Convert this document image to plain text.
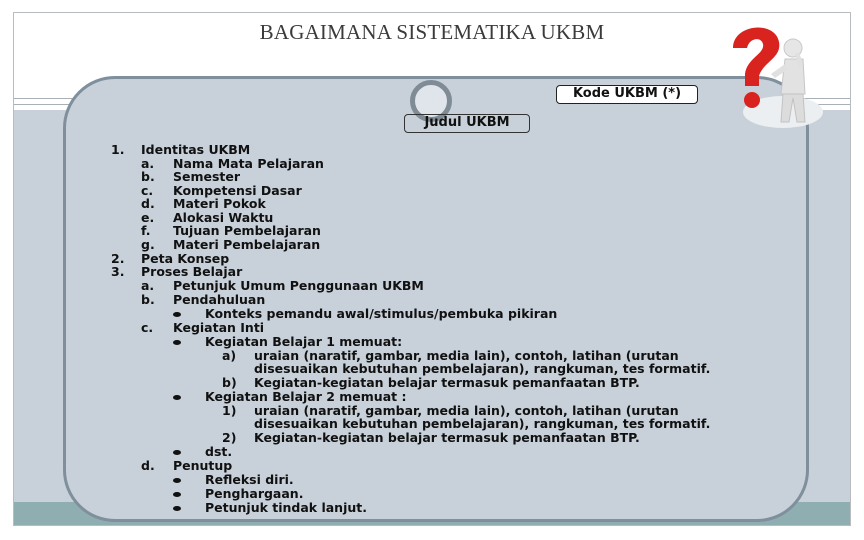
BAGAIMANA SISTEMATIKA UKBM
Kode UKBM (*)
Judul UKBM
1. Identitas UKBM
a. Nama Mata Pelajaran
b. Semester
c. Kompetensi Dasar
d. Materi Pokok
e. Alokasi Waktu
f. Tujuan Pembelajaran
g. Materi Pembelajaran
2. Peta Konsep
3. Proses Belajar
a. Petunjuk Umum Penggunaan UKBM
b. Pendahuluan
Konteks pemandu awal/stimulus/pembuka pikiran
c. Kegiatan Inti
Kegiatan Belajar 1 memuat:
a) uraian (naratif, gambar, media lain), contoh, latihan (urutan
disesuaikan kebutuhan pembelajaran), rangkuman, tes formatif.
b) Kegiatan-kegiatan belajar termasuk pemanfaatan BTP.
Kegiatan Belajar 2 memuat :
1) uraian (naratif, gambar, media lain), contoh, latihan (urutan
disesuaikan kebutuhan pembelajaran), rangkuman, tes formatif.
2) Kegiatan-kegiatan belajar termasuk pemanfaatan BTP.
dst.
d. Penutup
Refleksi diri.
Penghargaan.
Petunjuk tindak lanjut.
